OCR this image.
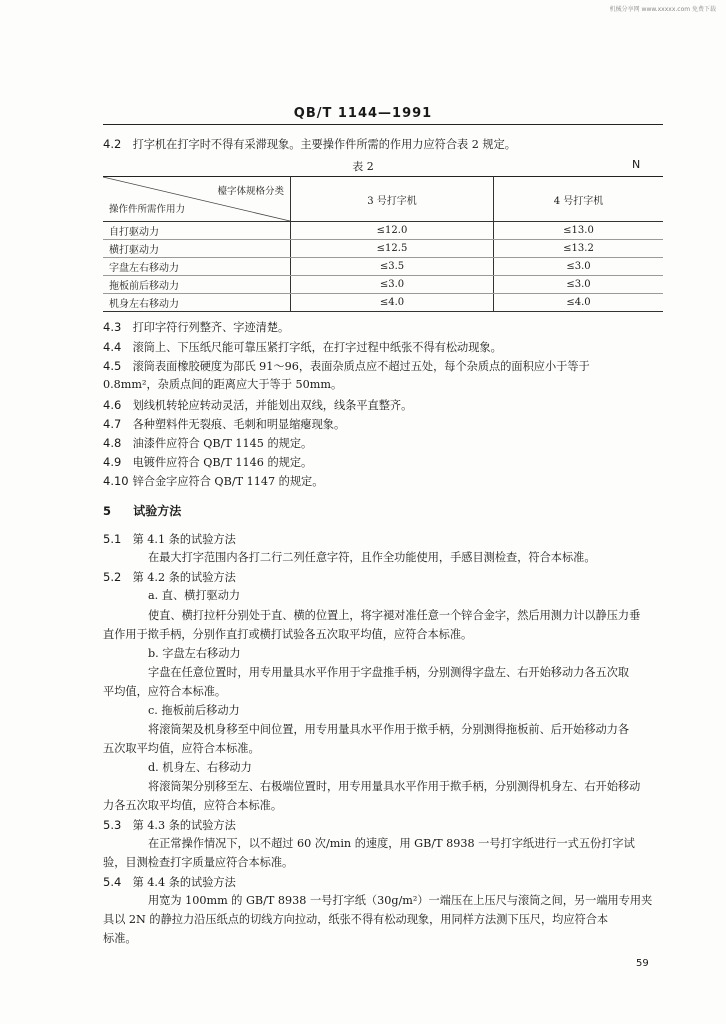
机械分享网 www.xxxxx.com 免费下载
QB/T 1144—1991
4.2 打字机在打字时不得有采滞现象。主要操作件所需的作用力应符合表 2 规定。
表 2	N
檯字体规格分类
操作件所需作用力	3 号打字机	4 号打字机
自打驱动力	≤12.0	≤13.0
横打驱动力	≤12.5	≤13.2
字盘左右移动力	≤3.5	≤3.0
拖板前后移动力	≤3.0	≤3.0
机身左右移动力	≤4.0	≤4.0
4.3 打印字符行列整齐、字迹清楚。
4.4 滚筒上、下压纸尺能可靠压紧打字纸，在打字过程中纸张不得有松动现象。
4.5 滚筒表面橡胶硬度为邵氏 91～96，表面杂质点应不超过五处，每个杂质点的面积应小于等于
0.8mm²，杂质点间的距离应大于等于 50mm。
4.6 划线机转轮应转动灵活，并能划出双线，线条平直整齐。
4.7 各种塑料件无裂痕、毛刺和明显缩瘪现象。
4.8 油漆件应符合 QB/T 1145 的规定。
4.9 电镀件应符合 QB/T 1146 的规定。
4.10 锌合金字应符合 QB/T 1147 的规定。
5 试验方法
5.1 第 4.1 条的试验方法
在最大打字范围内各打二行二列任意字符，且作全功能使用，手感目测检查，符合本标准。
5.2 第 4.2 条的试验方法
a. 直、横打驱动力
使直、横打拉杆分别处于直、横的位置上，将字褪对准任意一个锌合金字，然后用测力计以静压力垂
直作用于揿手柄，分别作直打或横打试验各五次取平均值，应符合本标准。
b. 字盘左右移动力
字盘在任意位置时，用专用量具水平作用于字盘推手柄，分别测得字盘左、右开始移动力各五次取
平均值，应符合本标准。
c. 拖板前后移动力
将滚筒架及机身移至中间位置，用专用量具水平作用于揿手柄，分别测得拖板前、后开始移动力各
五次取平均值，应符合本标准。
d. 机身左、右移动力
将滚筒架分别移至左、右极端位置时，用专用量具水平作用于揿手柄，分别测得机身左、右开始移动
力各五次取平均值，应符合本标准。
5.3 第 4.3 条的试验方法
在正常操作情况下，以不超过 60 次/min 的速度，用 GB/T 8938 一号打字纸进行一式五份打字试
验，目测检查打字质量应符合本标准。
5.4 第 4.4 条的试验方法
用宽为 100mm 的 GB/T 8938 一号打字纸（30g/m²）一端压在上压尺与滚筒之间，另一端用专用夹
具以 2N 的静拉力沿压纸点的切线方向拉动，纸张不得有松动现象，用同样方法测下压尺，均应符合本
标准。
59
